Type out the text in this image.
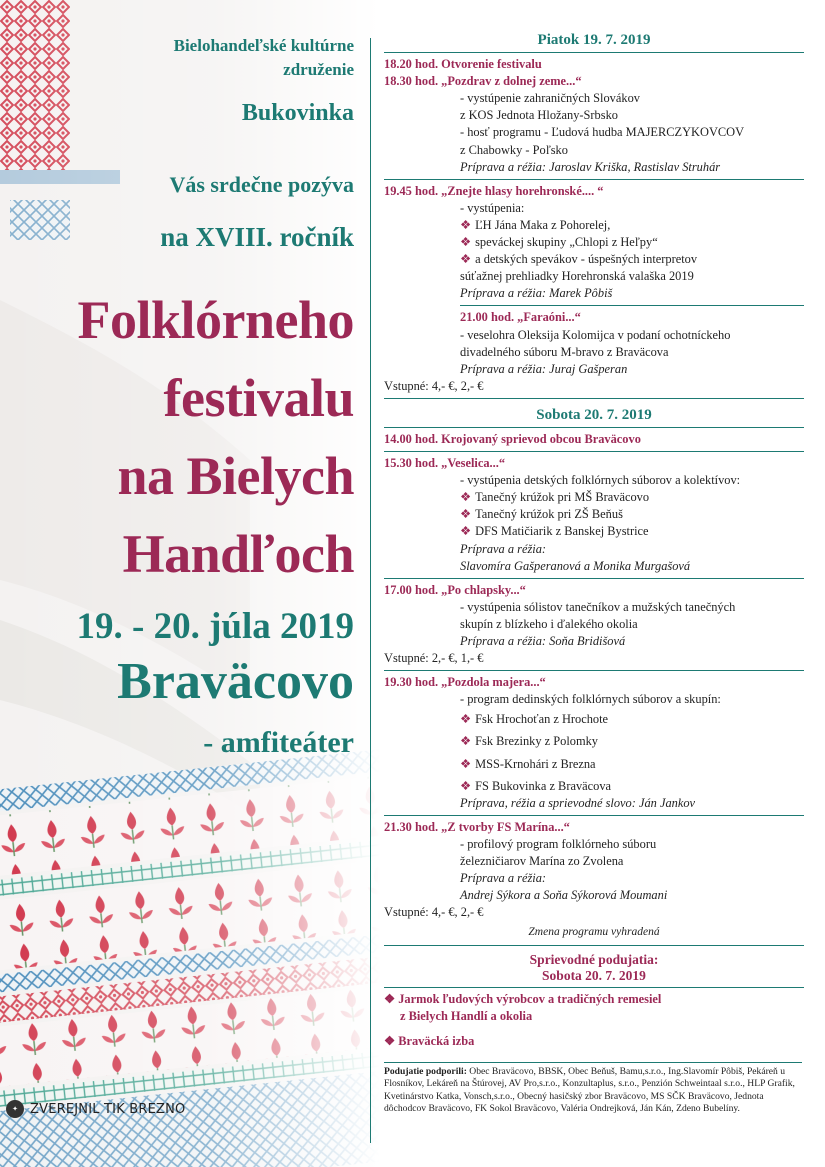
Bielohandeľské kultúrne

združenie

Bukovinka

Vás srdečne pozýva

na XVIII. ročník

Folklórneho

festivalu

na Bielych

Handľoch

19. - 20. júla 2019

Bravӓcovo

- amfiteáter

Piatok 19. 7. 2019
18.20 hod. Otvorenie festivalu
18.30 hod. „Pozdrav z dolnej zeme...“
- vystúpenie zahraničných Slovákov
z KOS Jednota Hložany-Srbsko
- hosť programu - Ľudová hudba MAJERCZYKOVCOV
z Chabowky - Poľsko
Príprava a réžia: Jaroslav Kriška, Rastislav Struhár
19.45 hod. „Znejte hlasy horehronské.... “
- vystúpenia:
❖ ĽH Jána Maka z Pohorelej,
❖ speváckej skupiny „Chlopi z Heľpy“
❖ a detských spevákov - úspešných interpretov
súťažnej prehliadky Horehronská valaška 2019
Príprava a réžia: Marek Pôbiš
21.00 hod. „Faraóni...“
- veselohra Oleksija Kolomijca v podaní ochotníckeho
divadelného súboru M-bravo z Bravӓcova
Príprava a réžia: Juraj Gašperan
Vstupné: 4,- €, 2,- €
Sobota 20. 7. 2019
14.00 hod. Krojovaný sprievod obcou Bravӓcovo
15.30 hod. „Veselica...“
- vystúpenia detských folklórnych súborov a kolektívov:
❖ Tanečný krúžok pri MŠ Bravӓcovo
❖ Tanečný krúžok pri ZŠ Beňuš
❖ DFS Matičiarik z Banskej Bystrice
Príprava a réžia:
Slavomíra Gašperanová a Monika Murgašová
17.00 hod. „Po chlapsky...“
- vystúpenia sólistov tanečníkov a mužských tanečných
skupín z blízkeho i ďalekého okolia
Príprava a réžia: Soňa Bridišová
Vstupné: 2,- €, 1,- €
19.30 hod. „Pozdola majera...“
- program dedinských folklórnych súborov a skupín:
❖ Fsk Hrochoťan z Hrochote
❖ Fsk Brezinky z Polomky
❖ MSS-Krnohári z Brezna
❖ FS Bukovinka z Bravӓcova
Príprava, réžia a sprievodné slovo: Ján Jankov
21.30 hod. „Z tvorby FS Marína...“
- profilový program folklórneho súboru
železničiarov Marína zo Zvolena
Príprava a réžia:
Andrej Sýkora a Soňa Sýkorová Moumani
Vstupné: 4,- €, 2,- €
Zmena programu vyhradená
Sprievodné podujatia:
Sobota 20. 7. 2019
❖ Jarmok ľudových výrobcov a tradičných remesiel
z Bielych Handlí a okolia
❖ Bravӓcká izba
Podujatie podporili: Obec Bravӓcovo, BBSK, Obec Beňuš, Bamu,s.r.o., Ing.Slavomír Pôbiš, Pekáreň u Flosníkov, Lekáreň na Štúrovej, AV Pro,s.r.o., Konzultaplus, s.r.o., Penzión Schweintaal s.r.o., HLP Grafik, Kvetinárstvo Katka, Vonsch,s.r.o., Obecný hasičský zbor Bravӓcovo, MS SČK Bravӓcovo, Jednota dôchodcov Bravӓcovo, FK Sokol Bravӓcovo, Valéria Ondrejková, Ján Kán, Zdeno Bubelíny.
✦ ZVEREJNIL TIK BREZNO
